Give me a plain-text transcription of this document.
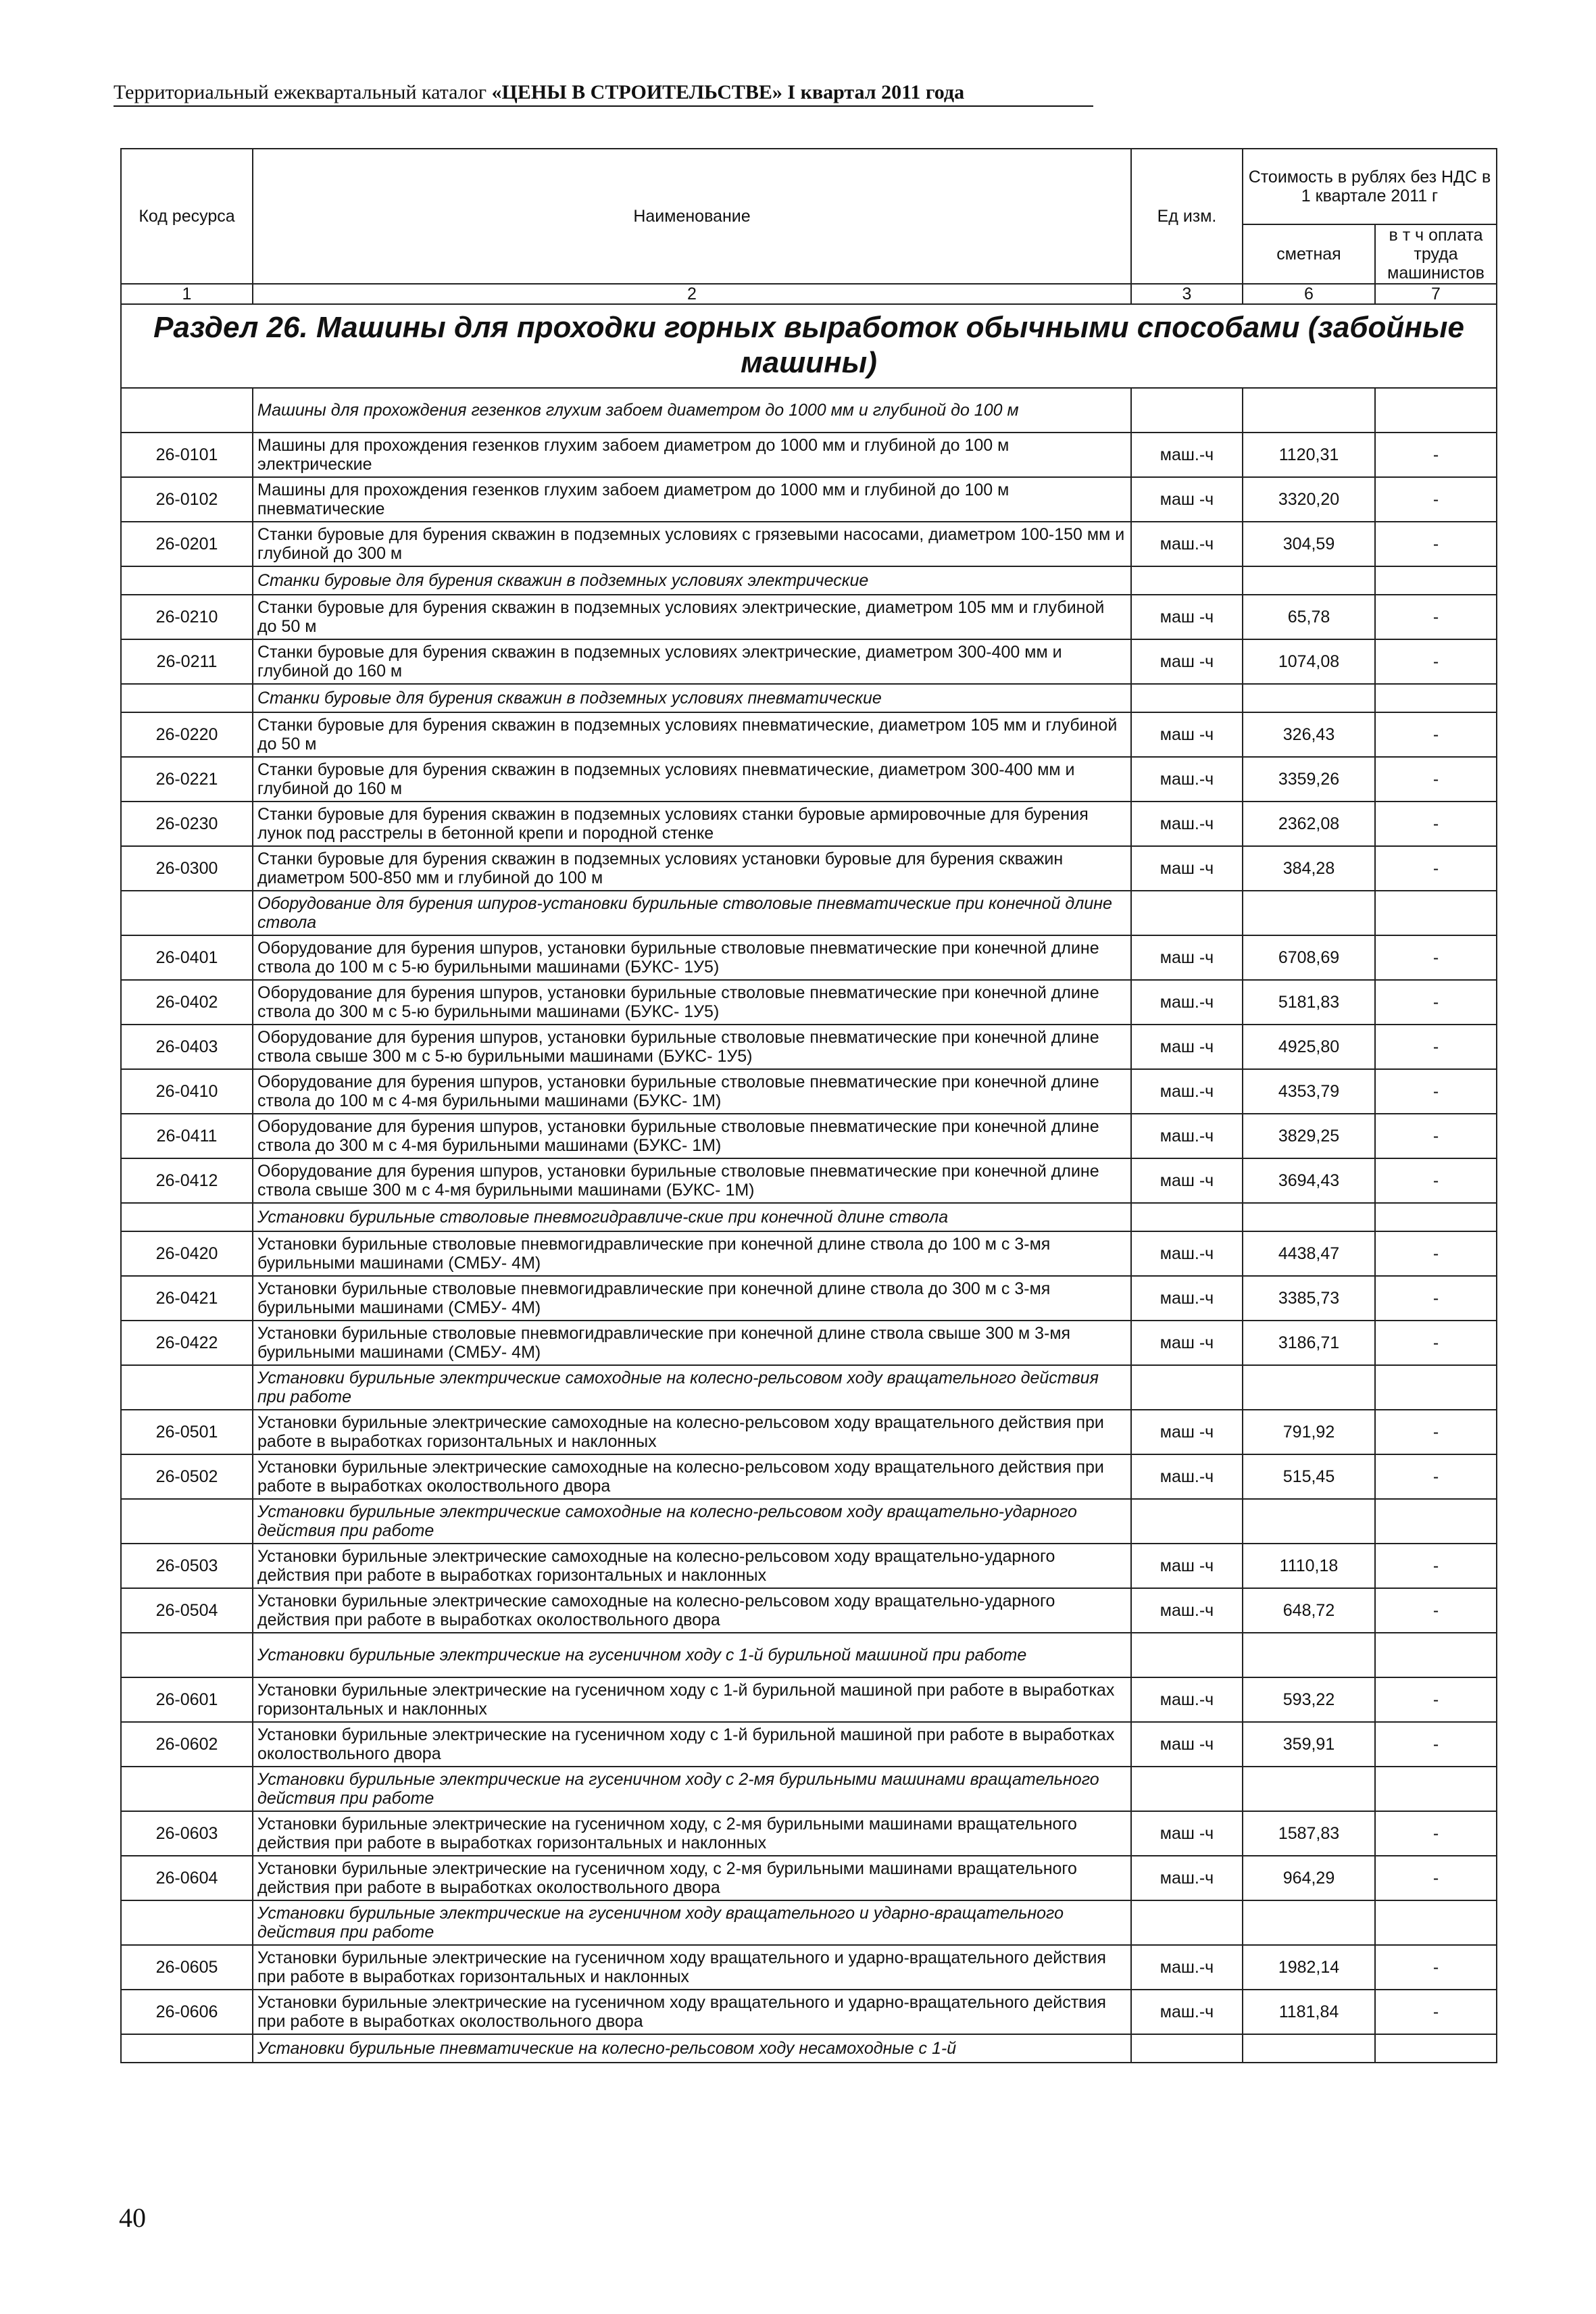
Территориальный ежеквартальный каталог «ЦЕНЫ В СТРОИТЕЛЬСТВЕ» I квартал 2011 года
Код ресурса	Наименование	Ед изм.	Стоимость в рублях без НДС в 1 квартале 2011 г	
			сметная	в т ч оплата труда машинистов
1	2	3	6	7
Раздел 26. Машины для проходки горных выработок обычными способами (забойные машины)				
	Машины для прохождения гезенков глухим забоем диаметром до 1000 мм и глубиной до 100 м			
26-0101	Машины для прохождения гезенков глухим забоем диаметром до 1000 мм и глубиной до 100 м электрические	маш.-ч	1120,31	-
26-0102	Машины для прохождения гезенков глухим забоем диаметром до 1000 мм и глубиной до 100 м пневматические	маш -ч	3320,20	-
26-0201	Станки буровые для бурения скважин в подземных условиях с грязевыми насосами, диаметром 100-150 мм и глубиной до 300 м	маш.-ч	304,59	-
	Станки буровые для бурения скважин в подземных условиях электрические			
26-0210	Станки буровые для бурения скважин в подземных условиях электрические, диаметром 105 мм и глубиной до 50 м	маш -ч	65,78	-
26-0211	Станки буровые для бурения скважин в подземных условиях электрические, диаметром 300-400 мм и глубиной до 160 м	маш -ч	1074,08	-
	Станки буровые для бурения скважин в подземных условиях пневматические			
26-0220	Станки буровые для бурения скважин в подземных условиях пневматические, диаметром 105 мм и глубиной до 50 м	маш -ч	326,43	-
26-0221	Станки буровые для бурения скважин в подземных условиях пневматические, диаметром 300-400 мм и глубиной до 160 м	маш.-ч	3359,26	-
26-0230	Станки буровые для бурения скважин в подземных условиях станки буровые армировочные для бурения лунок под расстрелы в бетонной крепи и породной стенке	маш.-ч	2362,08	-
26-0300	Станки буровые для бурения скважин в подземных условиях установки буровые для бурения скважин диаметром 500-850 мм и глубиной до 100 м	маш -ч	384,28	-
	Оборудование для бурения шпуров-установки бурильные стволовые пневматические при конечной длине ствола			
26-0401	Оборудование для бурения шпуров, установки бурильные стволовые пневматические при конечной длине ствола до 100 м с 5-ю бурильными машинами (БУКС- 1У5)	маш -ч	6708,69	-
26-0402	Оборудование для бурения шпуров, установки бурильные стволовые пневматические при конечной длине ствола до 300 м с 5-ю бурильными машинами (БУКС- 1У5)	маш.-ч	5181,83	-
26-0403	Оборудование для бурения шпуров, установки бурильные стволовые пневматические при конечной длине ствола свыше 300 м с 5-ю бурильными машинами (БУКС- 1У5)	маш -ч	4925,80	-
26-0410	Оборудование для бурения шпуров, установки бурильные стволовые пневматические при конечной длине ствола до 100 м с 4-мя бурильными машинами (БУКС- 1М)	маш.-ч	4353,79	-
26-0411	Оборудование для бурения шпуров, установки бурильные стволовые пневматические при конечной длине ствола до 300 м с 4-мя бурильными машинами (БУКС- 1М)	маш.-ч	3829,25	-
26-0412	Оборудование для бурения шпуров, установки бурильные стволовые пневматические при конечной длине ствола свыше 300 м с 4-мя бурильными машинами (БУКС- 1М)	маш -ч	3694,43	-
	Установки бурильные стволовые пневмогидравличе-ские при конечной длине ствола			
26-0420	Установки бурильные стволовые пневмогидравлические при конечной длине ствола до 100 м с 3-мя бурильными машинами (СМБУ- 4М)	маш.-ч	4438,47	-
26-0421	Установки бурильные стволовые пневмогидравлические при конечной длине ствола до 300 м с 3-мя бурильными машинами (СМБУ- 4М)	маш.-ч	3385,73	-
26-0422	Установки бурильные стволовые пневмогидравлические при конечной длине ствола свыше 300 м 3-мя бурильными машинами (СМБУ- 4М)	маш -ч	3186,71	-
	Установки бурильные электрические самоходные на колесно-рельсовом ходу вращательного действия при работе			
26-0501	Установки бурильные электрические самоходные на колесно-рельсовом ходу вращательного действия при работе в выработках горизонтальных и наклонных	маш -ч	791,92	-
26-0502	Установки бурильные электрические самоходные на колесно-рельсовом ходу вращательного действия при работе в выработках околоствольного двора	маш.-ч	515,45	-
	Установки бурильные электрические самоходные на колесно-рельсовом ходу вращательно-ударного действия при работе			
26-0503	Установки бурильные электрические самоходные на колесно-рельсовом ходу вращательно-ударного действия при работе в выработках горизонтальных и наклонных	маш -ч	1110,18	-
26-0504	Установки бурильные электрические самоходные на колесно-рельсовом ходу вращательно-ударного действия при работе в выработках околоствольного двора	маш.-ч	648,72	-
	Установки бурильные электрические на гусеничном ходу с 1-й бурильной машиной при работе			
26-0601	Установки бурильные электрические на гусеничном ходу с 1-й бурильной машиной при работе в выработках горизонтальных и наклонных	маш.-ч	593,22	-
26-0602	Установки бурильные электрические на гусеничном ходу с 1-й бурильной машиной при работе в выработках околоствольного двора	маш -ч	359,91	-
	Установки бурильные электрические на гусеничном ходу с 2-мя бурильными машинами вращательного действия при работе			
26-0603	Установки бурильные электрические на гусеничном ходу, с 2-мя бурильными машинами вращательного действия при работе в выработках горизонтальных и наклонных	маш -ч	1587,83	-
26-0604	Установки бурильные электрические на гусеничном ходу, с 2-мя бурильными машинами вращательного действия при работе в выработках околоствольного двора	маш.-ч	964,29	-
	Установки бурильные электрические на гусеничном ходу вращательного и ударно-вращательного действия при работе			
26-0605	Установки бурильные электрические на гусеничном ходу вращательного и ударно-вращательного действия при работе в выработках горизонтальных и наклонных	маш.-ч	1982,14	-
26-0606	Установки бурильные электрические на гусеничном ходу вращательного и ударно-вращательного действия при работе в выработках околоствольного двора	маш.-ч	1181,84	-
	Установки бурильные пневматические на колесно-рельсовом ходу несамоходные с 1-й			
40
